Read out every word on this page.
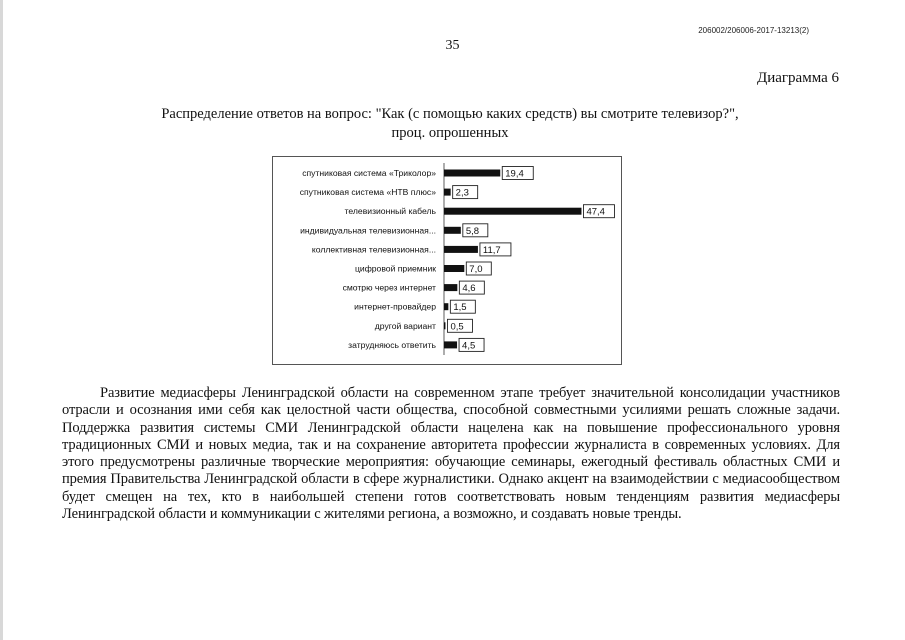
206002/206006-2017-13213(2)
35
Диаграмма 6
Распределение ответов на вопрос: "Как (с помощью каких средств) вы смотрите телевизор?",
проц. опрошенных
спутниковая система «Триколор»	19,4
спутниковая система «НТВ плюс» 2,3
телевизионный кабель	47,4
индивидуальная телевизионная...	5,8
коллективная телевизионная...	11,7
цифровой приемник	7,0
смотрю через интернет	4,6
интернет-провайдер 1,5
другой вариант 0,5
затрудняюсь ответить	4,5

Развитие медиасферы Ленинградской области на современном этапе требует значительной консолидации участников отрасли и осознания ими себя как целостной части общества, способной совместными усилиями решать сложные задачи. Поддержка развития системы СМИ Ленинградской области нацелена как на повышение профессионального уровня традиционных СМИ и новых медиа, так и на сохранение авторитета профессии журналиста в современных условиях. Для этого предусмотрены различные творческие мероприятия: обучающие семинары, ежегодный фестиваль областных СМИ и премия Правительства Ленинградской области в сфере журналистики. Однако акцент на взаимодействии с медиасообществом будет смещен на тех, кто в наибольшей степени готов соответствовать новым тенденциям развития медиасферы Ленинградской области и коммуникации с жителями региона, а возможно, и создавать новые тренды.
